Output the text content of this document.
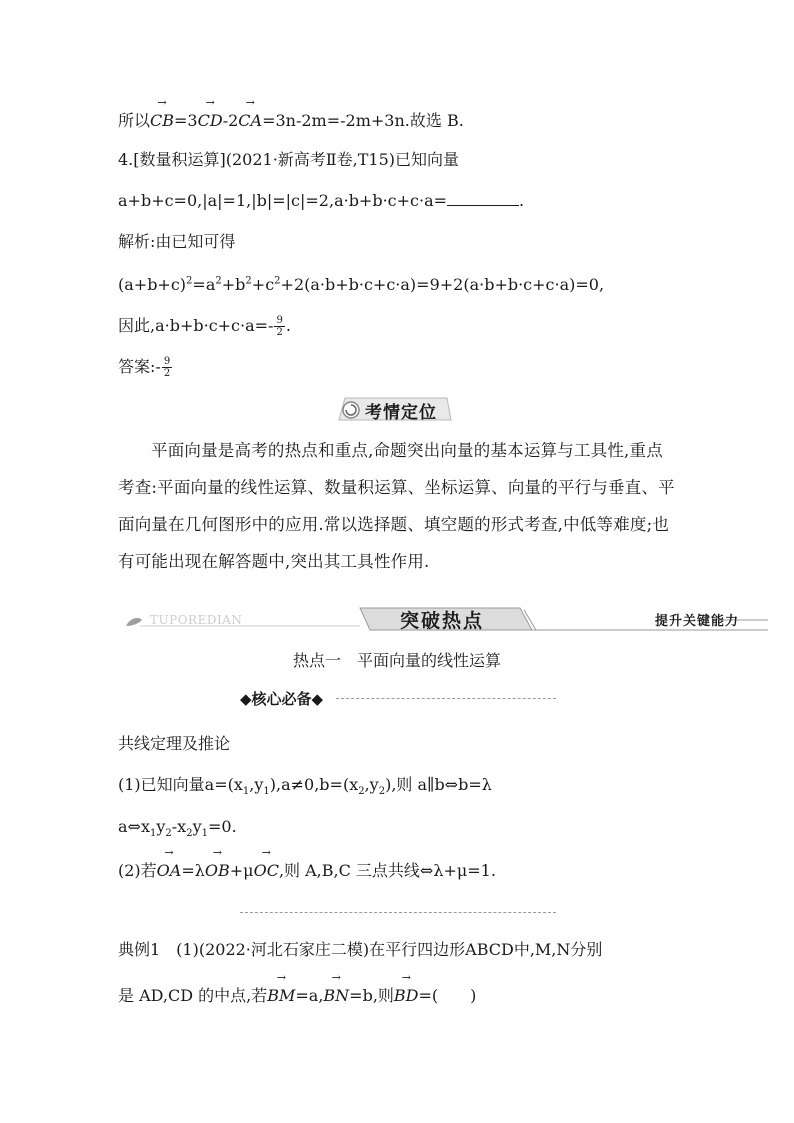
所以→ CB=3→ CD-2→ CA=3n-2m=-2m+3n.故选 B.
4.[数量积运算](2021·新高考Ⅱ卷,T15)已知向量
a+b+c=0,|a|=1,|b|=|c|=2,a·b+b·c+c·a=	.
解析:由已知可得
$(a+b+c)^2=a^2+b^2+c^2+2(a\cdot b+b\cdot c+c\cdot a)=9+2(a\cdot b+b\cdot c+c\cdot a)=0$,
因此$,a\cdot b+b\cdot c+c\cdot a=- \frac{9}{2}$ .
答案:- $\frac{9}{2}$
考情定位
平面向量是高考的热点和重点,命题突出向量的基本运算与工具性,重点考查:平面向量的线性运算、数量积运算、坐标运算、向量的平行与垂直、平面向量在几何图形中的应用.常以选择题、填空题的形式考查,中低等难度;也有可能出现在解答题中,突出其工具性作用.
TUPOREDIAN	突破热点	提升关键能力
热点一　平面向量的线性运算
◆核心必备◆
共线定理及推论
(1)已知向量$a=(x_1,y_1),a\ne 0,b=(x_2,y_2)$,则 a∥b⇔b=λ
$a\Leftrightarrow x_1y_2-x_2y_1=0$.
(2)若→ OA=λ→ OB+μ→ OC,则 A,B,C 三点共线⇔λ+μ=1.
典例1　(1)(2022·河北石家庄二模)在平行四边形ABCD中,M,N分别
是 AD,CD 的中点,若→ BM=a,→ BN=b,则→ BD=(　　)
